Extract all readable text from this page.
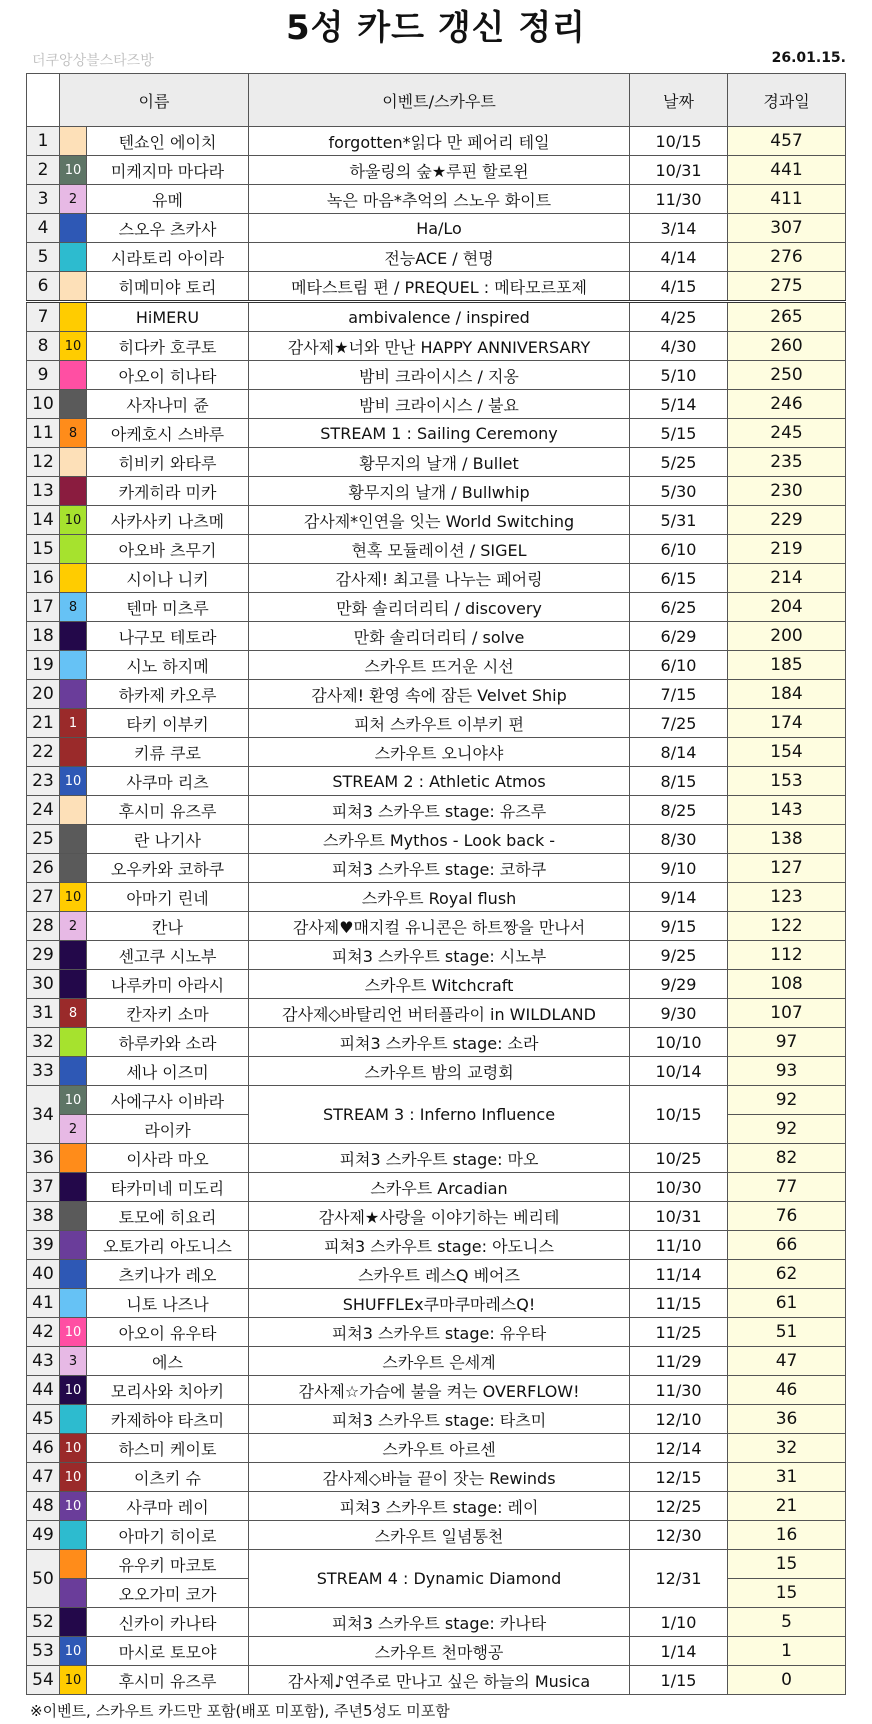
5성 카드 갱신 정리
더쿠앙상블스타즈방	26.01.15.
	이름		이벤트/스카우트	날짜	경과일
1		텐쇼인 에이치	forgotten*읽다 만 페어리 테일	10/15	457
2	10	미케지마 마다라	하울링의 숲★루핀 할로윈	10/31	441
3	2	유메	녹은 마음*추억의 스노우 화이트	11/30	411
4		스오우 츠카사	Ha/Lo	3/14	307
5		시라토리 아이라	전능ACE / 현명	4/14	276
6		히메미야 토리	메타스트림 편 / PREQUEL : 메타모르포제	4/15	275
7		HiMERU	ambivalence / inspired	4/25	265
8	10	히다카 호쿠토	감사제★너와 만난 HAPPY ANNIVERSARY	4/30	260
9		아오이 히나타	밤비 크라이시스 / 지옹	5/10	250
10		사자나미 쥰	밤비 크라이시스 / 불요	5/14	246
11	8	아케호시 스바루	STREAM 1 : Sailing Ceremony	5/15	245
12		히비키 와타루	황무지의 날개 / Bullet	5/25	235
13		카게히라 미카	황무지의 날개 / Bullwhip	5/30	230
14	10	사카사키 나츠메	감사제*인연을 잇는 World Switching	5/31	229
15		아오바 츠무기	현혹 모듈레이션 / SIGEL	6/10	219
16		시이나 니키	감사제! 최고를 나누는 페어링	6/15	214
17	8	텐마 미츠루	만화 솔리더리티 / discovery	6/25	204
18		나구모 테토라	만화 솔리더리티 / solve	6/29	200
19		시노 하지메	스카우트 뜨거운 시선	6/10	185
20		하카제 카오루	감사제! 환영 속에 잠든 Velvet Ship	7/15	184
21	1	타키 이부키	피처 스카우트 이부키 편	7/25	174
22		키류 쿠로	스카우트 오니야샤	8/14	154
23	10	사쿠마 리츠	STREAM 2 : Athletic Atmos	8/15	153
24		후시미 유즈루	피쳐3 스카우트 stage: 유즈루	8/25	143
25		란 나기사	스카우트 Mythos - Look back -	8/30	138
26		오우카와 코하쿠	피쳐3 스카우트 stage: 코하쿠	9/10	127
27	10	아마기 린네	스카우트 Royal flush	9/14	123
28	2	칸나	감사제♥매지컬 유니콘은 하트짱을 만나서	9/15	122
29		센고쿠 시노부	피쳐3 스카우트 stage: 시노부	9/25	112
30		나루카미 아라시	스카우트 Witchcraft	9/29	108
31	8	칸자키 소마	감사제◇바탈리언 버터플라이 in WILDLAND	9/30	107
32		하루카와 소라	피쳐3 스카우트 stage: 소라	10/10	97
33		세나 이즈미	스카우트 밤의 교령회	10/14	93
34	10	사에구사 이바라	STREAM 3 : Inferno Influence	10/15	92
	2	라이카			92
36		이사라 마오	피쳐3 스카우트 stage: 마오	10/25	82
37		타카미네 미도리	스카우트 Arcadian	10/30	77
38		토모에 히요리	감사제★사랑을 이야기하는 베리테	10/31	76
39		오토가리 아도니스	피쳐3 스카우트 stage: 아도니스	11/10	66
40		츠키나가 레오	스카우트 레스Q 베어즈	11/14	62
41		니토 나즈나	SHUFFLEx쿠마쿠마레스Q!	11/15	61
42	10	아오이 유우타	피쳐3 스카우트 stage: 유우타	11/25	51
43	3	에스	스카우트 은세계	11/29	47
44	10	모리사와 치아키	감사제☆가슴에 불을 켜는 OVERFLOW!	11/30	46
45		카제하야 타츠미	피쳐3 스카우트 stage: 타츠미	12/10	36
46	10	하스미 케이토	스카우트 아르센	12/14	32
47	10	이츠키 슈	감사제◇바늘 끝이 잣는 Rewinds	12/15	31
48	10	사쿠마 레이	피쳐3 스카우트 stage: 레이	12/25	21
49		아마기 히이로	스카우트 일념통천	12/30	16
50		유우키 마코토	STREAM 4 : Dynamic Diamond	12/31	15
		오오가미 코가			15
52		신카이 카나타	피쳐3 스카우트 stage: 카나타	1/10	5
53	10	마시로 토모야	스카우트 천마행공	1/14	1
54	10	후시미 유즈루	감사제♪연주로 만나고 싶은 하늘의 Musica	1/15	0
※이벤트, 스카우트 카드만 포함(배포 미포함), 주년5성도 미포함
